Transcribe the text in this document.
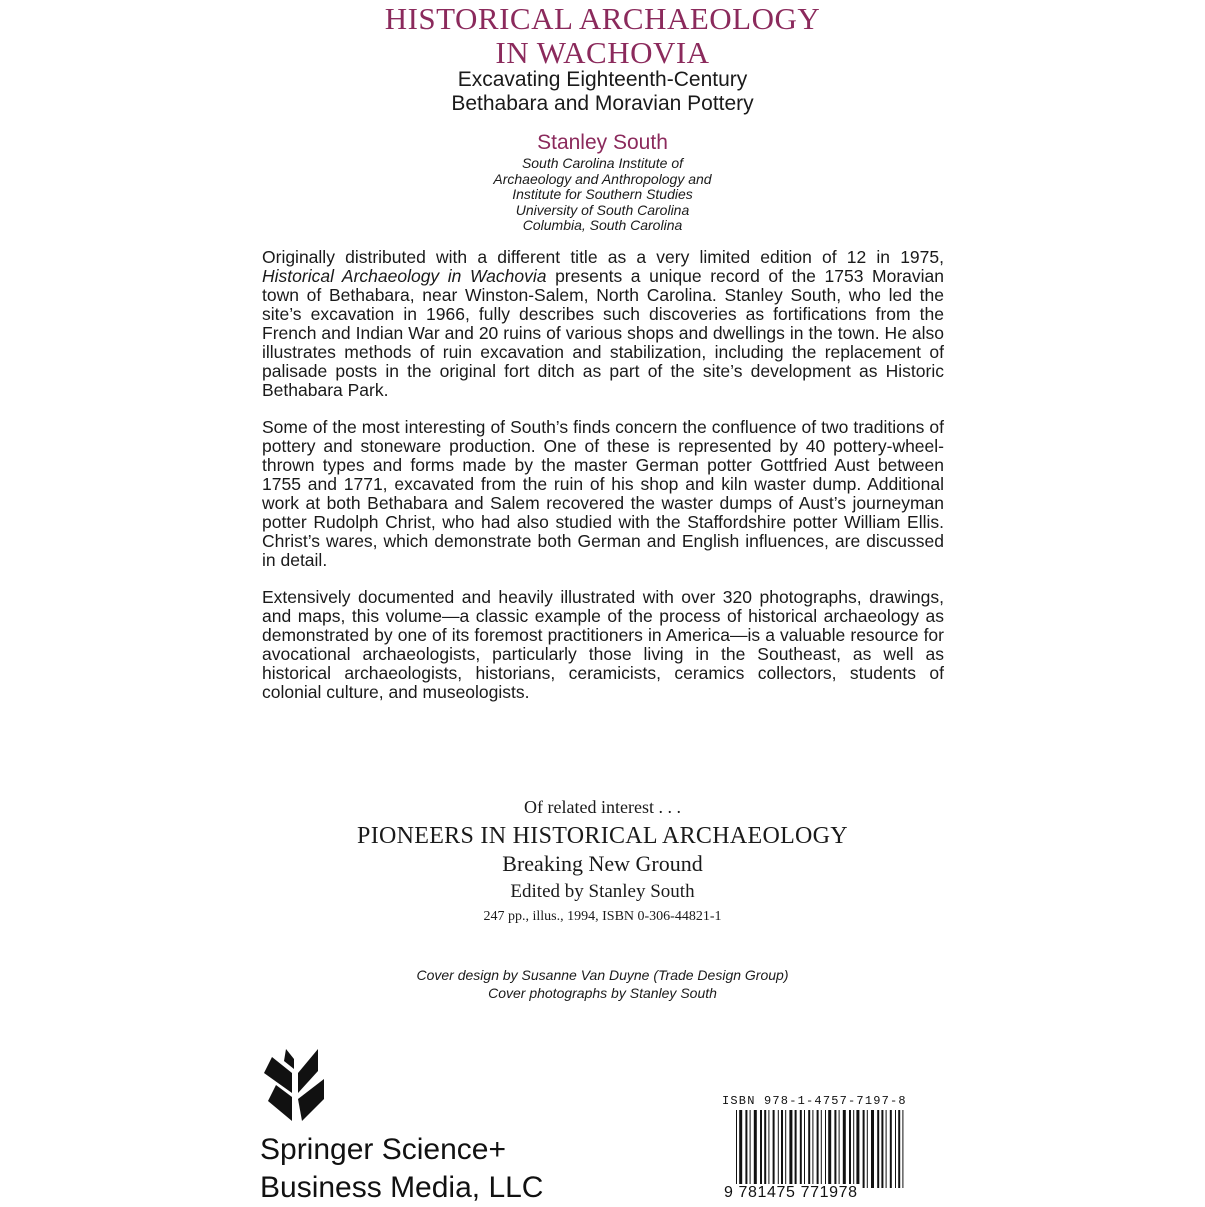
HISTORICAL ARCHAEOLOGY
IN WACHOVIA
Excavating Eighteenth-Century
Bethabara and Moravian Pottery
Stanley South
South Carolina Institute of
Archaeology and Anthropology and
Institute for Southern Studies
University of South Carolina
Columbia, South Carolina

Originally distributed with a different title as a very limited edition of 12 in 1975, Historical Archaeology in Wachovia presents a unique record of the 1753 Moravian town of Bethabara, near Winston-Salem, North Carolina. Stanley South, who led the site’s excavation in 1966, fully describes such discoveries as fortifications from the French and Indian War and 20 ruins of various shops and dwellings in the town. He also illustrates methods of ruin excavation and stabilization, including the replacement of palisade posts in the original fort ditch as part of the site’s development as Historic Bethabara Park.

Some of the most interesting of South’s finds concern the confluence of two traditions of pottery and stoneware production. One of these is represented by 40 pottery-wheel-thrown types and forms made by the master German potter Gottfried Aust between 1755 and 1771, excavated from the ruin of his shop and kiln waster dump. Additional work at both Bethabara and Salem recovered the waster dumps of Aust’s journeyman potter Rudolph Christ, who had also studied with the Staffordshire potter William Ellis. Christ’s wares, which demonstrate both German and English influences, are discussed in detail.

Extensively documented and heavily illustrated with over 320 photographs, drawings, and maps, this volume—a classic example of the process of historical archaeology as demonstrated by one of its foremost practitioners in America—is a valuable resource for avocational archaeologists, particularly those living in the Southeast, as well as historical archaeologists, historians, ceramicists, ceramics collectors, students of colonial culture, and museologists.

Of related interest . . .
PIONEERS IN HISTORICAL ARCHAEOLOGY
Breaking New Ground
Edited by Stanley South
247 pp., illus., 1994, ISBN 0-306-44821-1
Cover design by Susanne Van Duyne (Trade Design Group)
Cover photographs by Stanley South
Springer Science+
Business Media, LLC
ISBN 978-1-4757-7197-8
9 781475 771978
